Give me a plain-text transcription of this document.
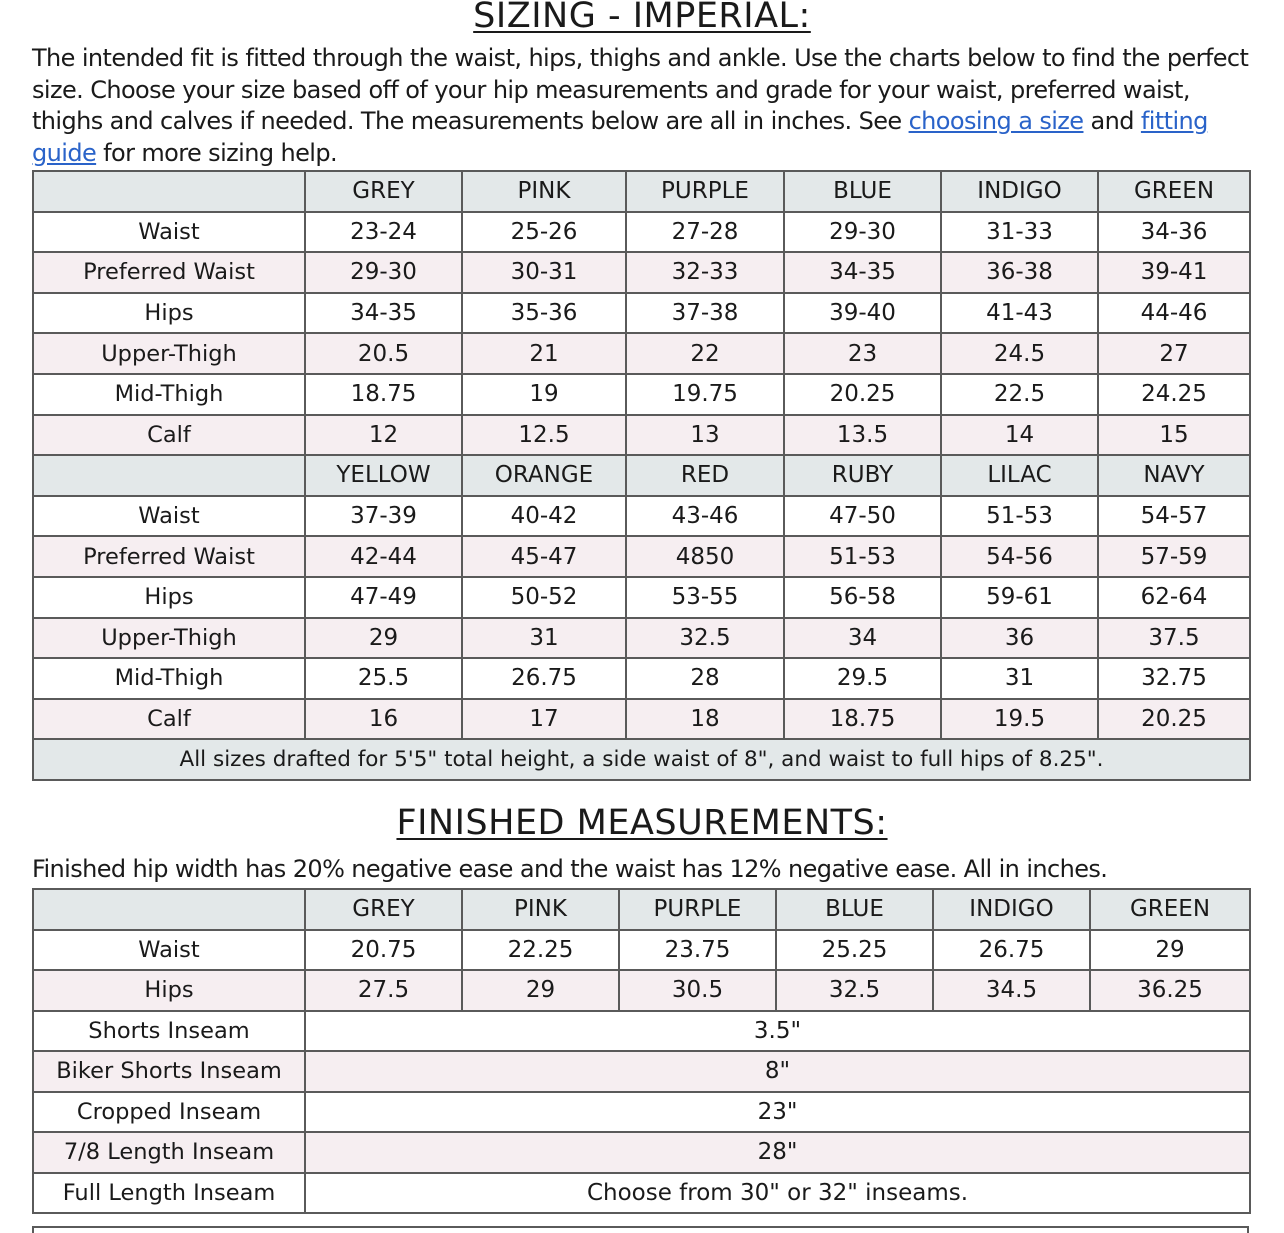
SIZING - IMPERIAL:
The intended fit is fitted through the waist, hips, thighs and ankle. Use the charts below to find the perfect size. Choose your size based off of your hip measurements and grade for your waist, preferred waist, thighs and calves if needed. The measurements below are all in inches. See choosing a size and fitting guide for more sizing help.
	GREY	PINK	PURPLE	BLUE	INDIGO	GREEN
Waist	23-24	25-26	27-28	29-30	31-33	34-36
Preferred Waist	29-30	30-31	32-33	34-35	36-38	39-41
Hips	34-35	35-36	37-38	39-40	41-43	44-46
Upper-Thigh	20.5	21	22	23	24.5	27
Mid-Thigh	18.75	19	19.75	20.25	22.5	24.25
Calf	12	12.5	13	13.5	14	15
	YELLOW	ORANGE	RED	RUBY	LILAC	NAVY
Waist	37-39	40-42	43-46	47-50	51-53	54-57
Preferred Waist	42-44	45-47	4850	51-53	54-56	57-59
Hips	47-49	50-52	53-55	56-58	59-61	62-64
Upper-Thigh	29	31	32.5	34	36	37.5
Mid-Thigh	25.5	26.75	28	29.5	31	32.75
Calf	16	17	18	18.75	19.5	20.25
All sizes drafted for 5'5" total height, a side waist of 8", and waist to full hips of 8.25".						
FINISHED MEASUREMENTS:
Finished hip width has 20% negative ease and the waist has 12% negative ease. All in inches.
	GREY	PINK	PURPLE	BLUE	INDIGO	GREEN
Waist	20.75	22.25	23.75	25.25	26.75	29
Hips	27.5	29	30.5	32.5	34.5	36.25
Shorts Inseam	3.5"					
Biker Shorts Inseam	8"					
Cropped Inseam	23"					
7/8 Length Inseam	28"					
Full Length Inseam	Choose from 30" or 32" inseams.					
